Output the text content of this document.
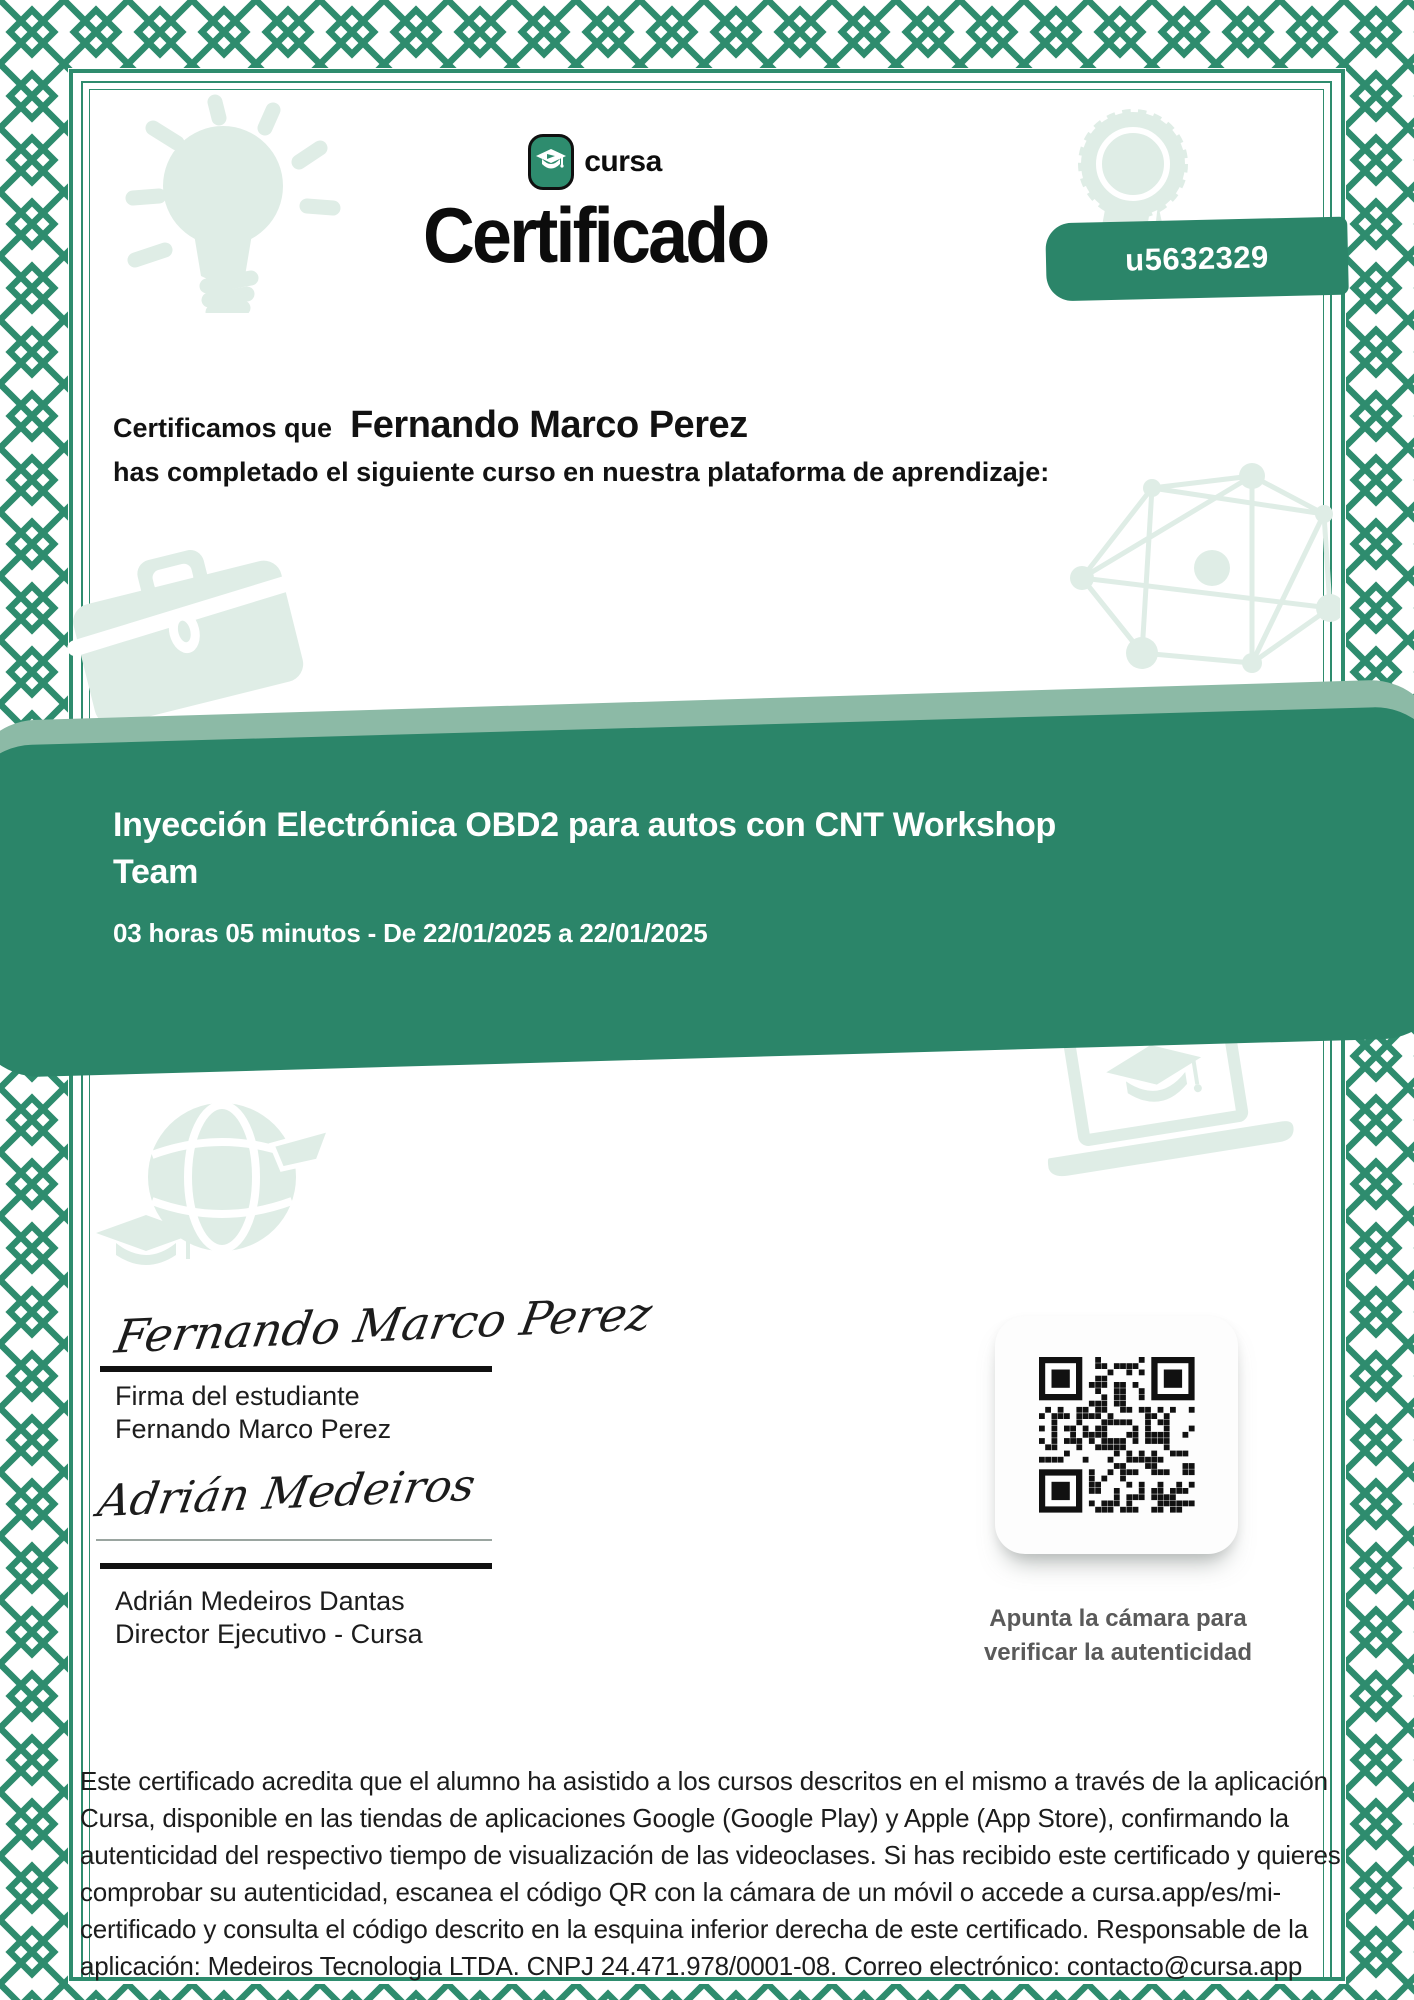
cursa
Certificado	u5632329
Certificamos que Fernando Marco Perez
has completado el siguiente curso en nuestra plataforma de aprendizaje:
Inyección Electrónica OBD2 para autos con CNT Workshop Team
03 horas 05 minutos - De 22/01/2025 a 22/01/2025
Fernando Marco Perez
Firma del estudiante
Fernando Marco Perez
Adrián Medeiros
Adrián Medeiros Dantas
Director Ejecutivo - Cursa
Apunta la cámara para verificar la autenticidad

Este certificado acredita que el alumno ha asistido a los cursos descritos en el mismo a través de la aplicación Cursa, disponible en las tiendas de aplicaciones Google (Google Play) y Apple (App Store), confirmando la autenticidad del respectivo tiempo de visualización de las videoclases. Si has recibido este certificado y quieres comprobar su autenticidad, escanea el código QR con la cámara de un móvil o accede a cursa.app/es/mi-certificado y consulta el código descrito en la esquina inferior derecha de este certificado. Responsable de la aplicación: Medeiros Tecnologia LTDA. CNPJ 24.471.978/0001-08. Correo electrónico: contacto@cursa.app
